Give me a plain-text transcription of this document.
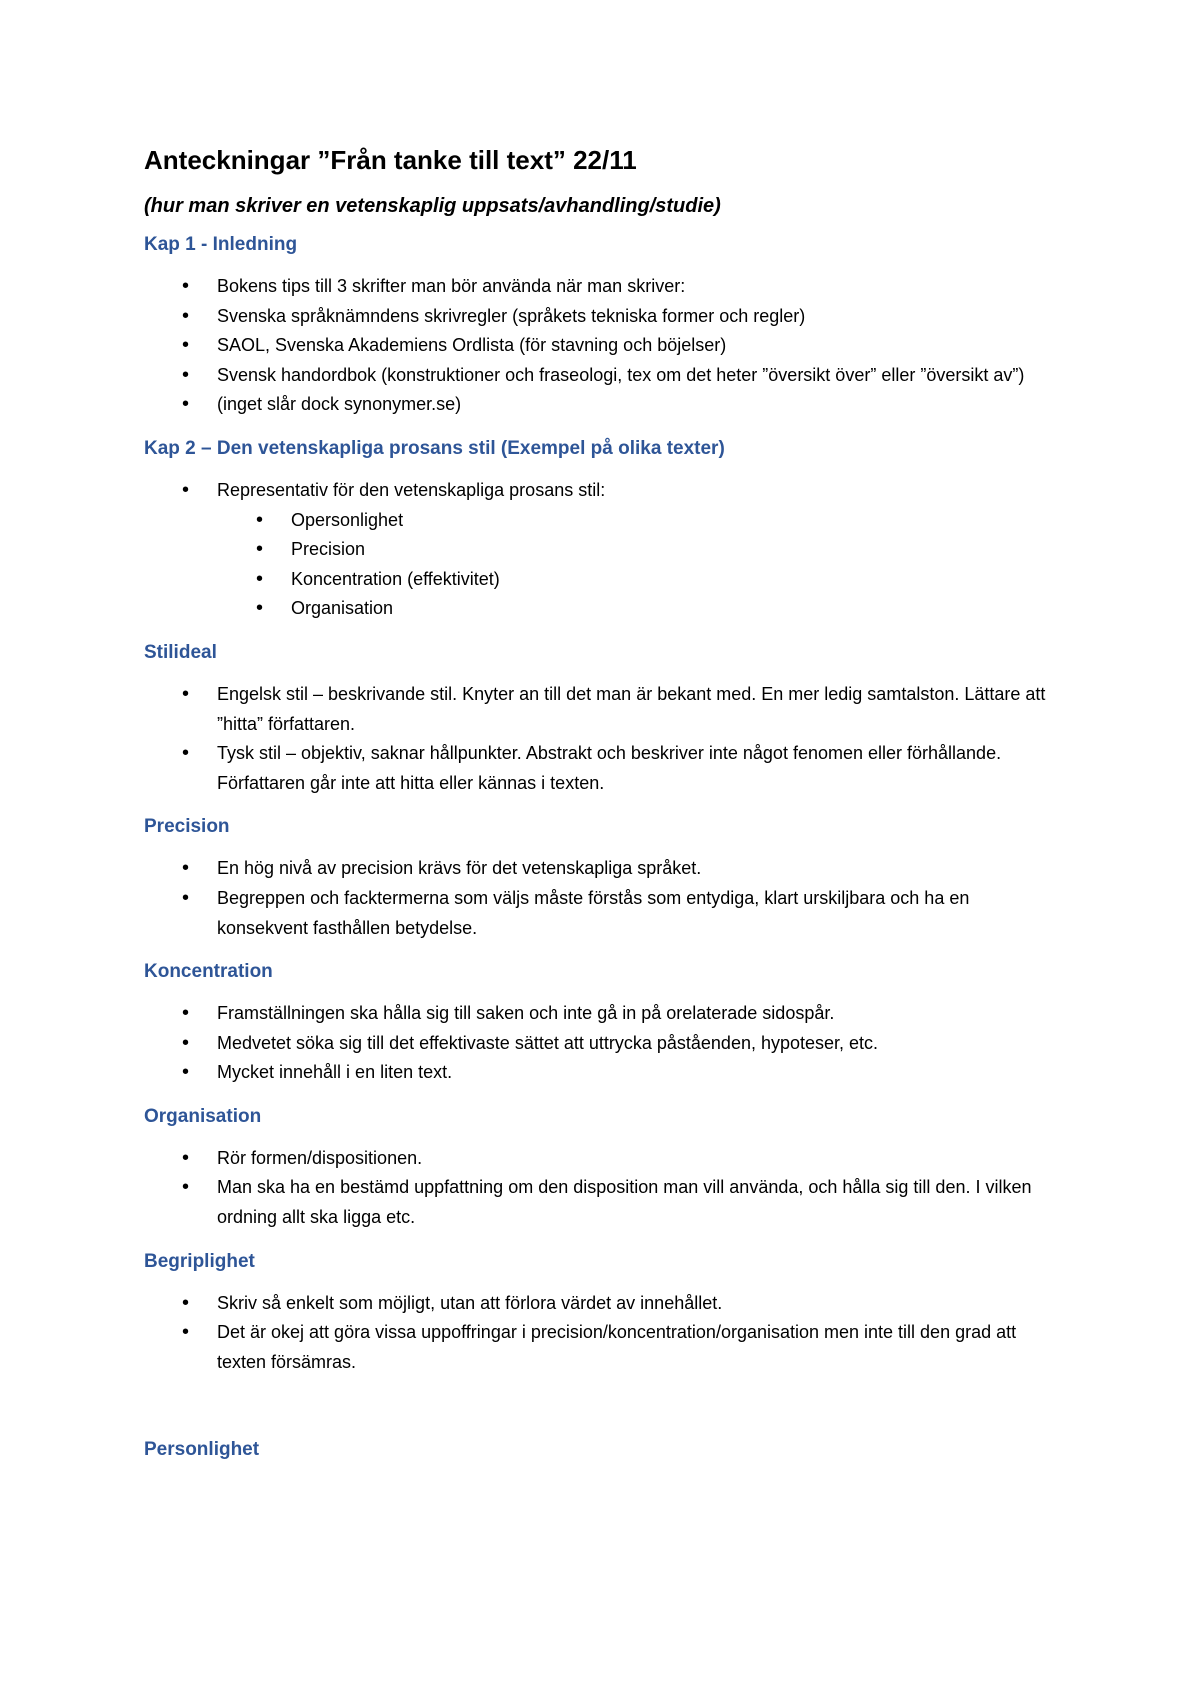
Anteckningar ”Från tanke till text” 22/11

(hur man skriver en vetenskaplig uppsats/avhandling/studie)

Kap 1 - Inledning
• Bokens tips till 3 skrifter man bör använda när man skriver:
• Svenska språknämndens skrivregler (språkets tekniska former och regler)
• SAOL, Svenska Akademiens Ordlista (för stavning och böjelser)
• Svensk handordbok (konstruktioner och fraseologi, tex om det heter ”översikt över” eller ”översikt av”)
• (inget slår dock synonymer.se)
Kap 2 – Den vetenskapliga prosans stil (Exempel på olika texter)
• Representativ för den vetenskapliga prosans stil:
• Opersonlighet
• Precision
• Koncentration (effektivitet)
• Organisation
Stilideal
• Engelsk stil – beskrivande stil. Knyter an till det man är bekant med. En mer ledig samtalston. Lättare att ”hitta” författaren.
• Tysk stil – objektiv, saknar hållpunkter. Abstrakt och beskriver inte något fenomen eller förhållande. Författaren går inte att hitta eller kännas i texten.
Precision
• En hög nivå av precision krävs för det vetenskapliga språket.
• Begreppen och facktermerna som väljs måste förstås som entydiga, klart urskiljbara och ha en konsekvent fasthållen betydelse.
Koncentration
• Framställningen ska hålla sig till saken och inte gå in på orelaterade sidospår.
• Medvetet söka sig till det effektivaste sättet att uttrycka påståenden, hypoteser, etc.
• Mycket innehåll i en liten text.
Organisation
• Rör formen/dispositionen.
• Man ska ha en bestämd uppfattning om den disposition man vill använda, och hålla sig till den. I vilken ordning allt ska ligga etc.
Begriplighet
• Skriv så enkelt som möjligt, utan att förlora värdet av innehållet.
• Det är okej att göra vissa uppoffringar i precision/koncentration/organisation men inte till den grad att texten försämras.
Personlighet
